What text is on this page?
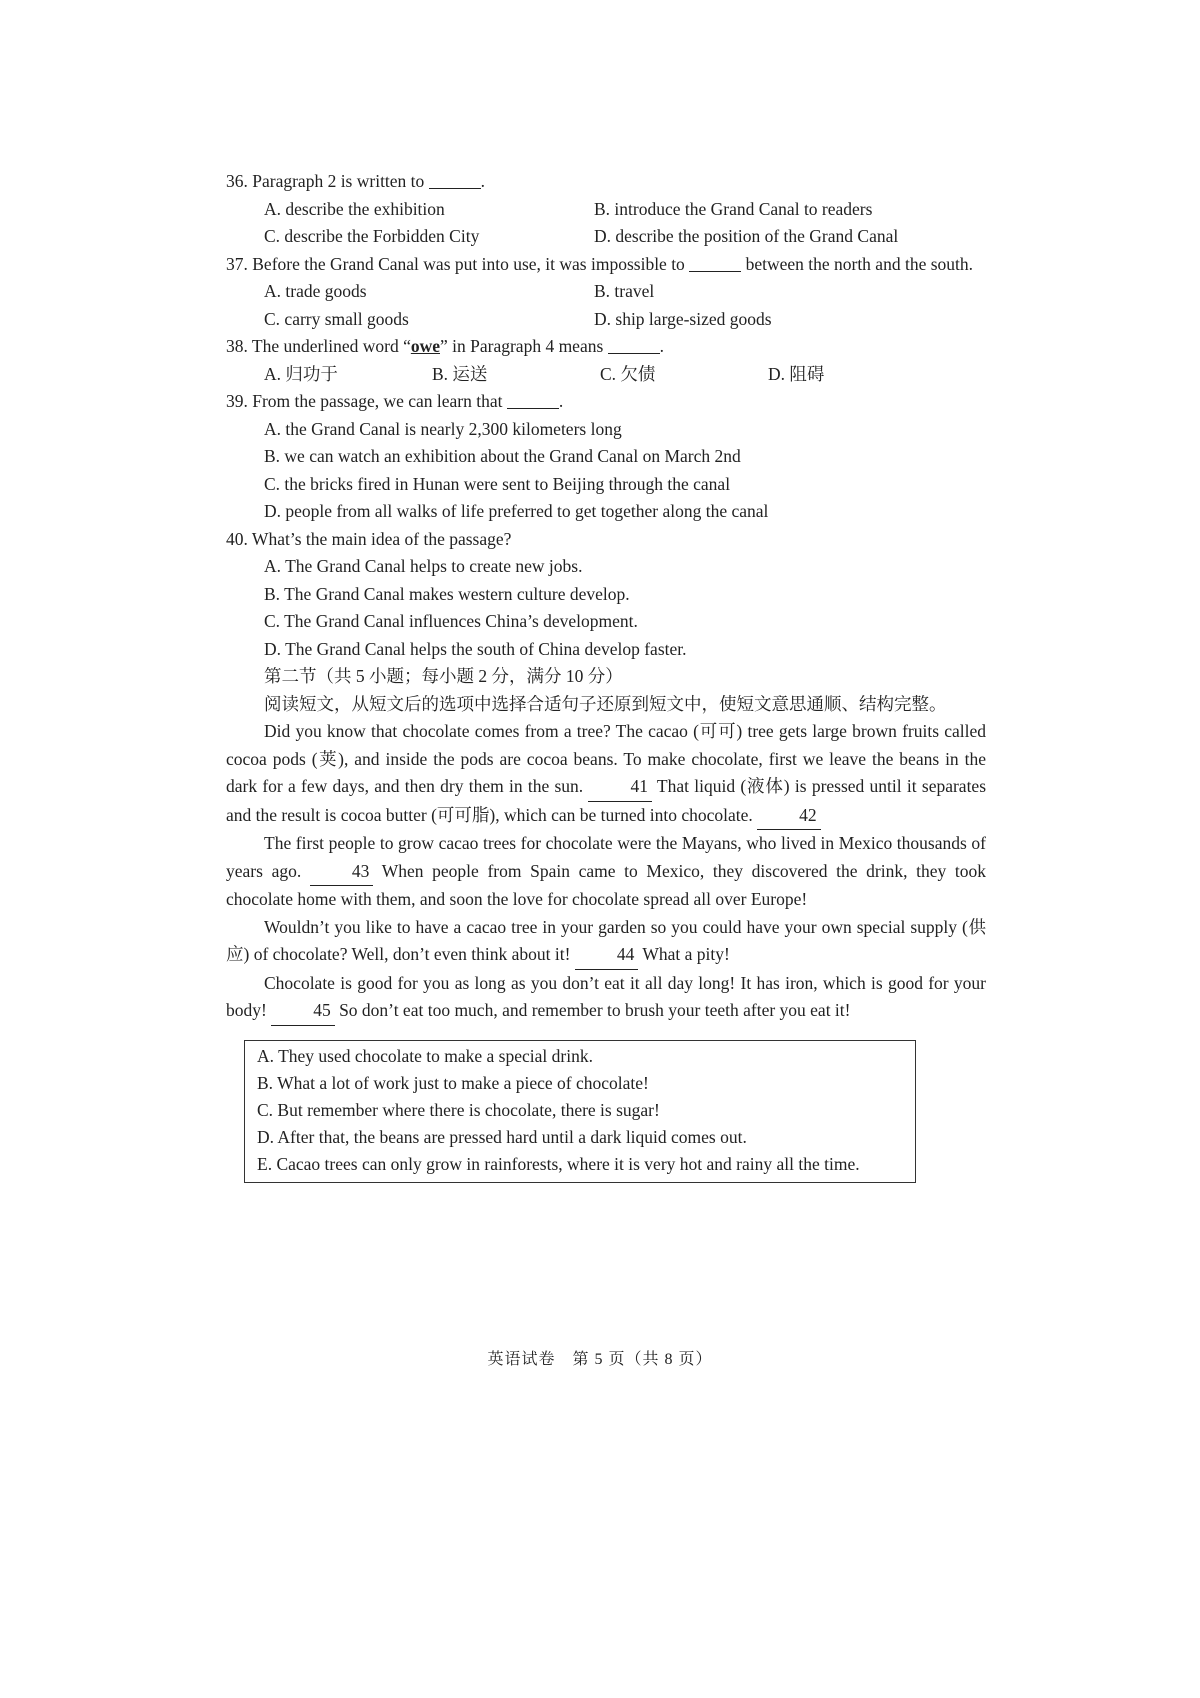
36. Paragraph 2 is written to	.
A. describe the exhibition	B. introduce the Grand Canal to readers
C. describe the Forbidden City	D. describe the position of the Grand Canal
37. Before the Grand Canal was put into use, it was impossible to	between the north and the south.
A. trade goods	B. travel
C. carry small goods	D. ship large-sized goods
38. The underlined word “owe” in Paragraph 4 means	.
A. 归功于	B. 运送	C. 欠债	D. 阻碍
39. From the passage, we can learn that	.
A. the Grand Canal is nearly 2,300 kilometers long
B. we can watch an exhibition about the Grand Canal on March 2nd
C. the bricks fired in Hunan were sent to Beijing through the canal
D. people from all walks of life preferred to get together along the canal
40. What’s the main idea of the passage?
A. The Grand Canal helps to create new jobs.
B. The Grand Canal makes western culture develop.
C. The Grand Canal influences China’s development.
D. The Grand Canal helps the south of China develop faster.
第二节（共 5 小题；每小题 2 分，满分 10 分）
阅读短文，从短文后的选项中选择合适句子还原到短文中，使短文意思通顺、结构完整。

Did you know that chocolate comes from a tree? The cacao (可可) tree gets large brown fruits called cocoa pods (荚), and inside the pods are cocoa beans. To make chocolate, first we leave the beans in the dark for a few days, and then dry them in the sun.	41 That liquid (液体) is pressed until it separates and the result is cocoa butter (可可脂), which can be turned into chocolate.	42

The first people to grow cacao trees for chocolate were the Mayans, who lived in Mexico thousands of years ago.	43 When people from Spain came to Mexico, they discovered the drink, they took chocolate home with them, and soon the love for chocolate spread all over Europe!

Wouldn’t you like to have a cacao tree in your garden so you could have your own special supply (供应) of chocolate? Well, don’t even think about it!	44 What a pity!

Chocolate is good for you as long as you don’t eat it all day long! It has iron, which is good for your body!	45 So don’t eat too much, and remember to brush your teeth after you eat it!

A. They used chocolate to make a special drink.
B. What a lot of work just to make a piece of chocolate!
C. But remember where there is chocolate, there is sugar!
D. After that, the beans are pressed hard until a dark liquid comes out.
E. Cacao trees can only grow in rainforests, where it is very hot and rainy all the time.
英语试卷　第 5 页（共 8 页）
